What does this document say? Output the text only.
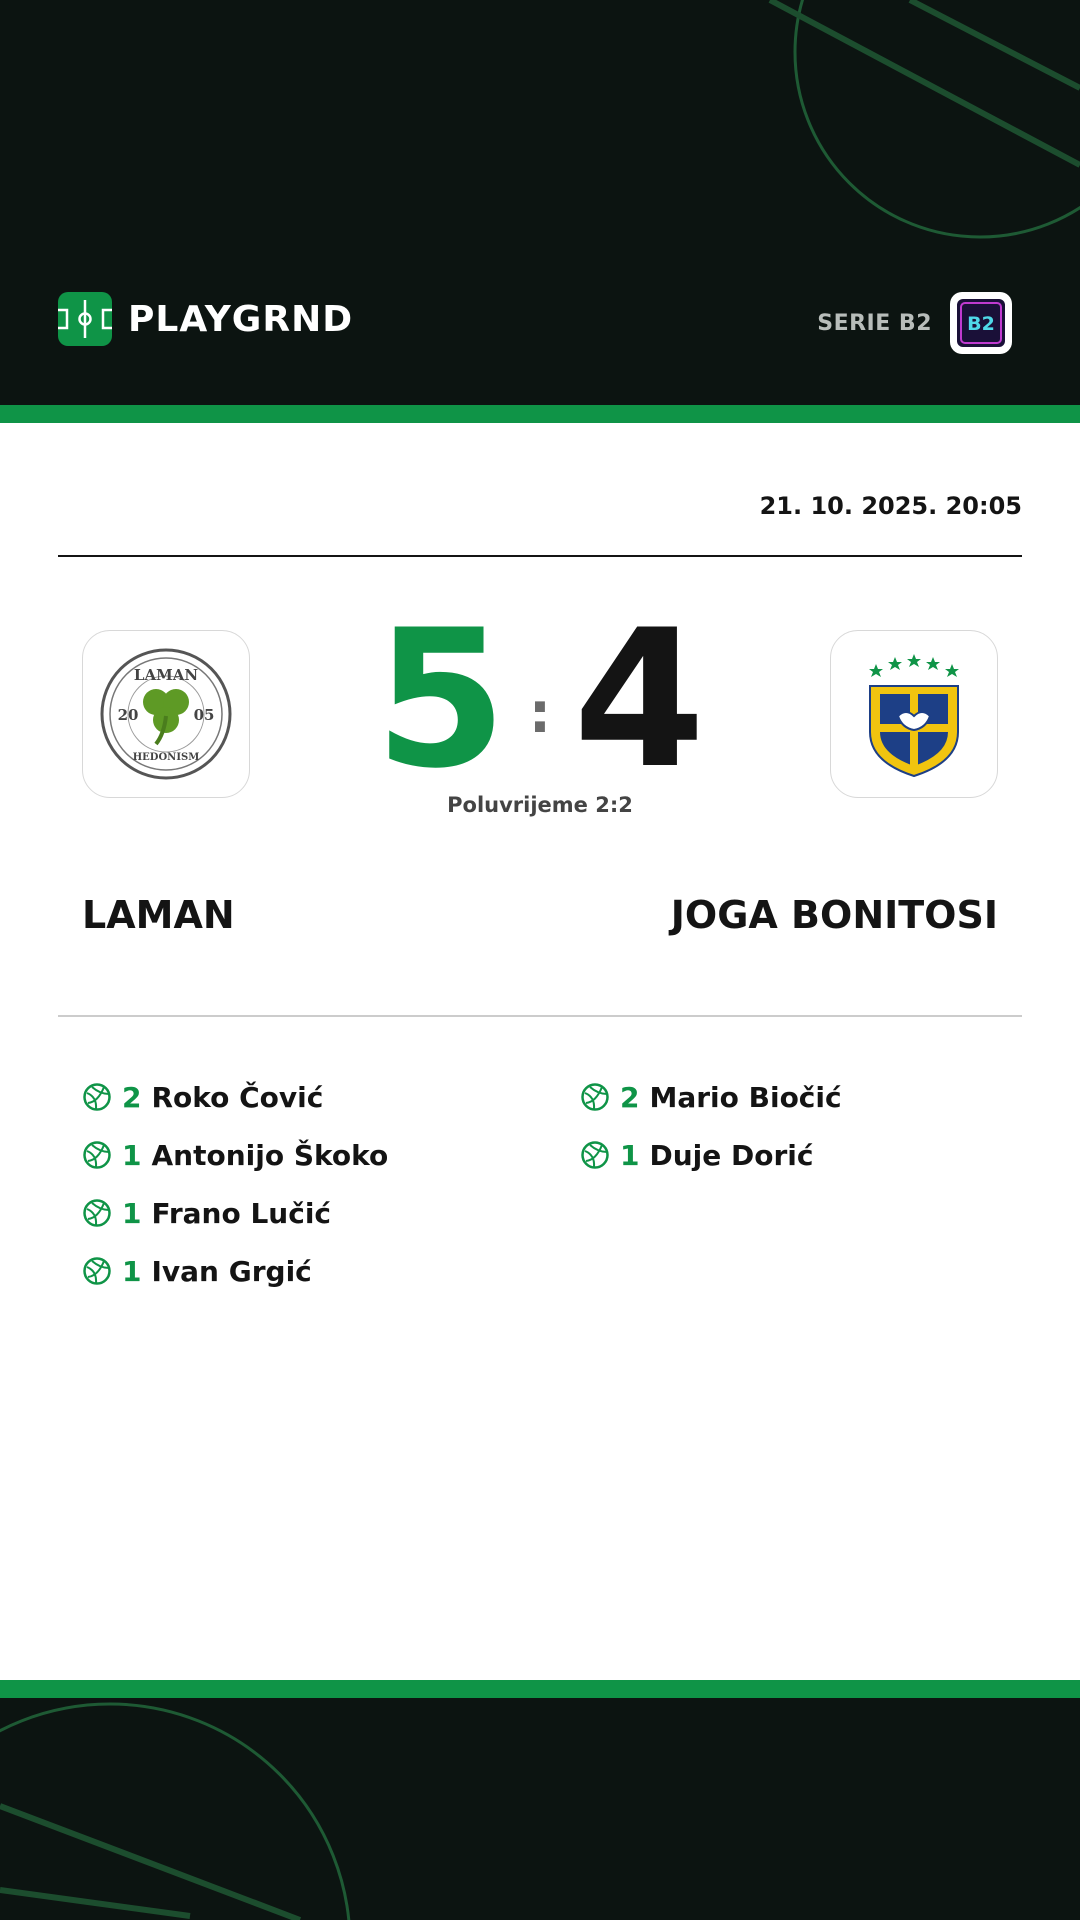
PLAYGRND	SERIE B2 B2
21. 10. 2025. 20:05
LAMAN
20	05
HEDONISM 5 : 4
Poluvrijeme 2:2
LAMAN	JOGA BONITOSI
2 Roko Čović
1 Antonijo Škoko
1 Frano Lučić
1 Ivan Grgić
2 Mario Biočić
1 Duje Dorić
